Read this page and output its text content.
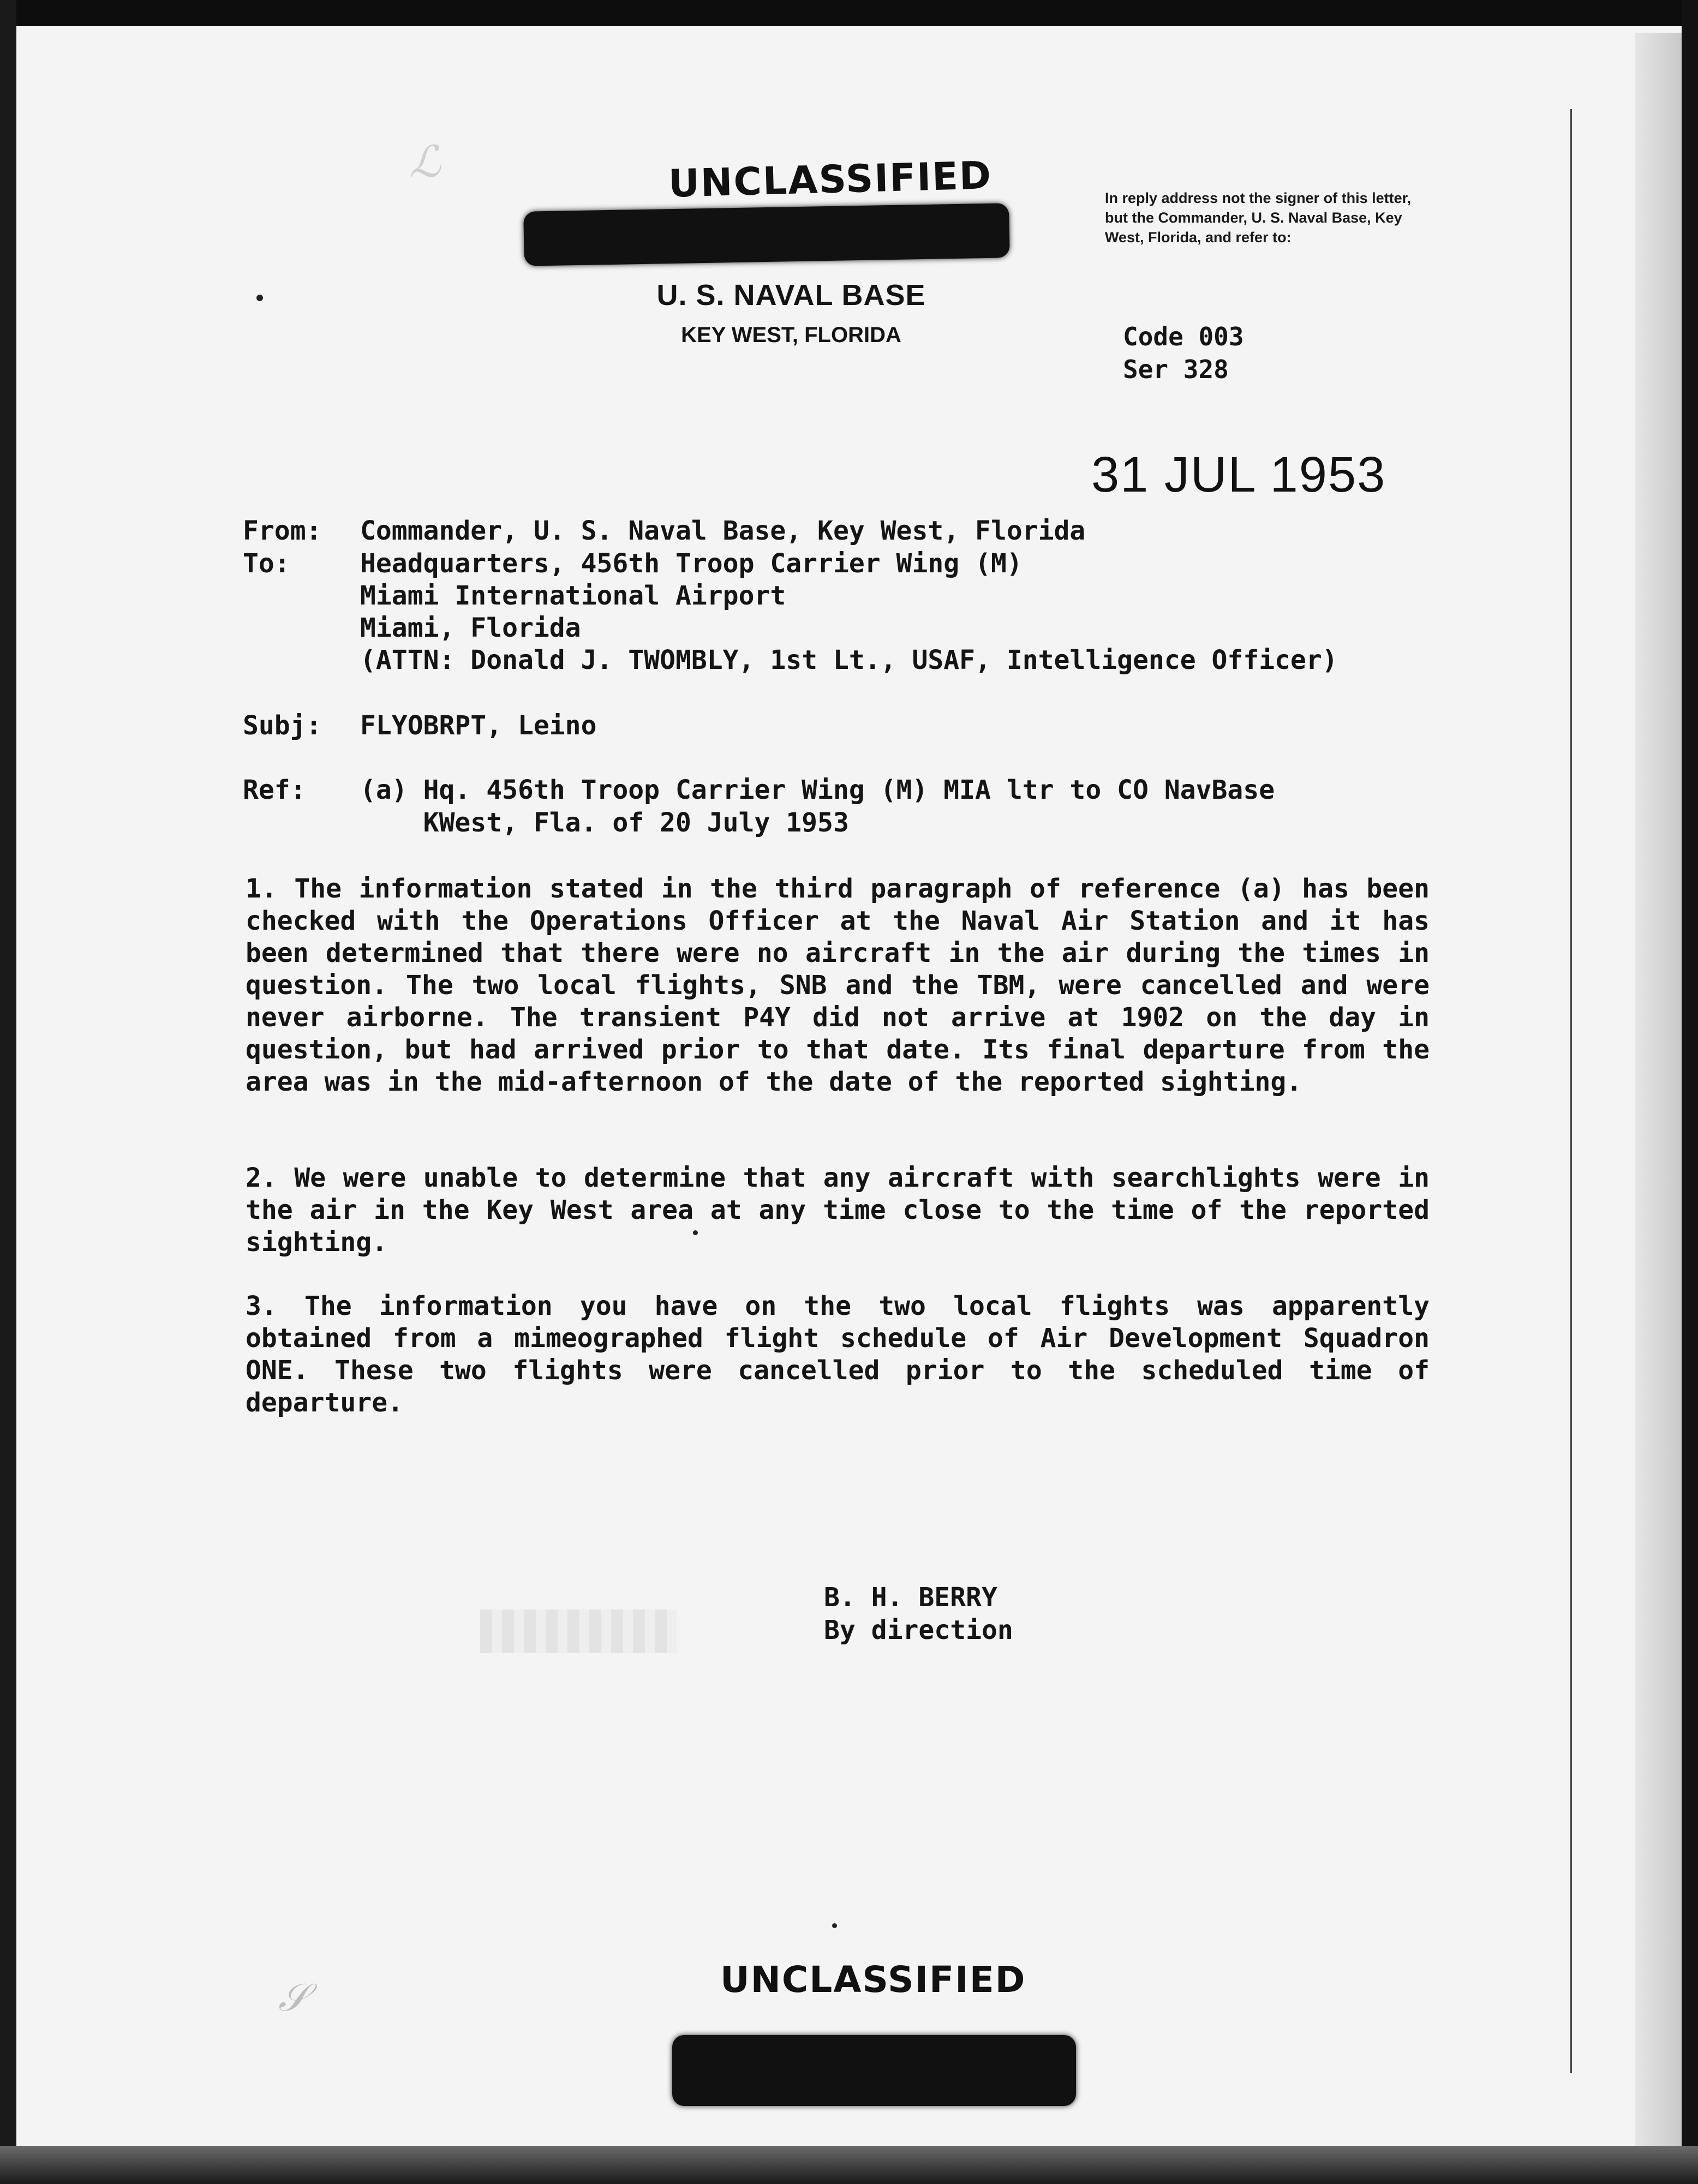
ℒ
𝒮
UNCLASSIFIED
U. S. NAVAL BASE
KEY WEST, FLORIDA
In reply address not the signer of this letter, but the Commander, U. S. Naval Base, Key West, Florida, and refer to:
Code 003
Ser 328
31 JUL 1953
From: Commander, U. S. Naval Base, Key West, Florida
To:	Headquarters, 456th Troop Carrier Wing (M)
Miami International Airport
Miami, Florida
(ATTN: Donald J. TWOMBLY, 1st Lt., USAF, Intelligence Officer)
Subj: FLYOBRPT, Leino
Ref: (a) Hq. 456th Troop Carrier Wing (M) MIA ltr to CO NavBase
KWest, Fla. of 20 July 1953
1. The information stated in the third paragraph of reference (a) has been checked with the Operations Officer at the Naval Air Station and it has been determined that there were no aircraft in the air during the times in question. The two local flights, SNB and the TBM, were cancelled and were never airborne. The transient P4Y did not arrive at 1902 on the day in question, but had arrived prior to that date. Its final departure from the area was in the mid-afternoon of the date of the reported sighting.
2. We were unable to determine that any aircraft with searchlights were in the air in the Key West area at any time close to the time of the reported sighting.
3. The information you have on the two local flights was apparently obtained from a mimeographed flight schedule of Air Development Squadron ONE. These two flights were cancelled prior to the scheduled time of departure.
B. H. BERRY
By direction
UNCLASSIFIED
